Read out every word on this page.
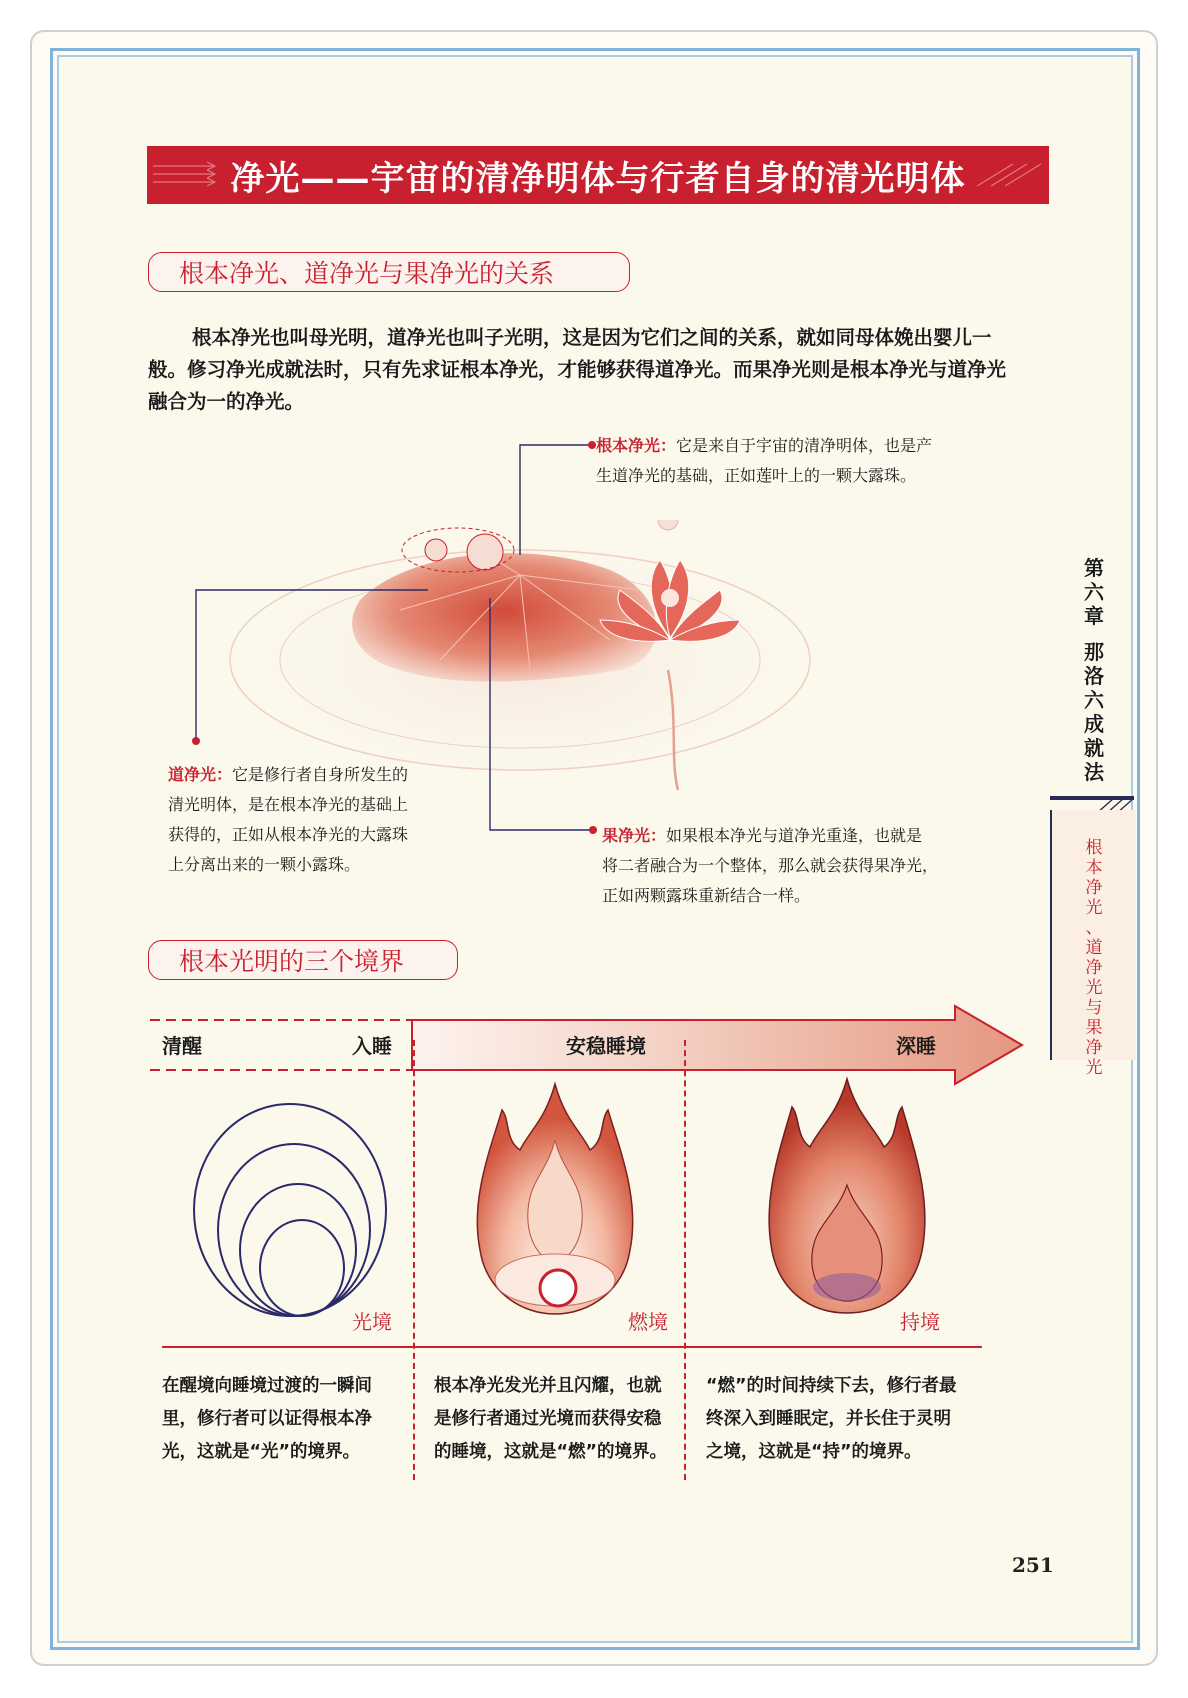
净光——宇宙的清净明体与行者自身的清光明体
根本净光、道净光与果净光的关系
根本净光也叫母光明，道净光也叫子光明，这是因为它们之间的关系，就如同母体娩出婴儿一般。修习净光成就法时，只有先求证根本净光，才能够获得道净光。而果净光则是根本净光与道净光融合为一的净光。
根本净光：它是来自于宇宙的清净明体，也是产
生道净光的基础，正如莲叶上的一颗大露珠。
道净光：它是修行者自身所发生的
清光明体，是在根本净光的基础上
获得的，正如从根本净光的大露珠
上分离出来的一颗小露珠。
果净光：如果根本净光与道净光重逢，也就是
将二者融合为一个整体，那么就会获得果净光，
正如两颗露珠重新结合一样。
第
六
章
那
洛
六
成
就
法
根
本
净
光
、
道
净
光
与
果
净
光
根本光明的三个境界
清醒	入睡	安稳睡境	深睡
光境	燃境	持境
在醒境向睡境过渡的一瞬间
里，修行者可以证得根本净
光，这就是“光”的境界。
根本净光发光并且闪耀，也就
是修行者通过光境而获得安稳
的睡境，这就是“燃”的境界。
“燃”的时间持续下去，修行者最
终深入到睡眠定，并长住于灵明
之境，这就是“持”的境界。
251
